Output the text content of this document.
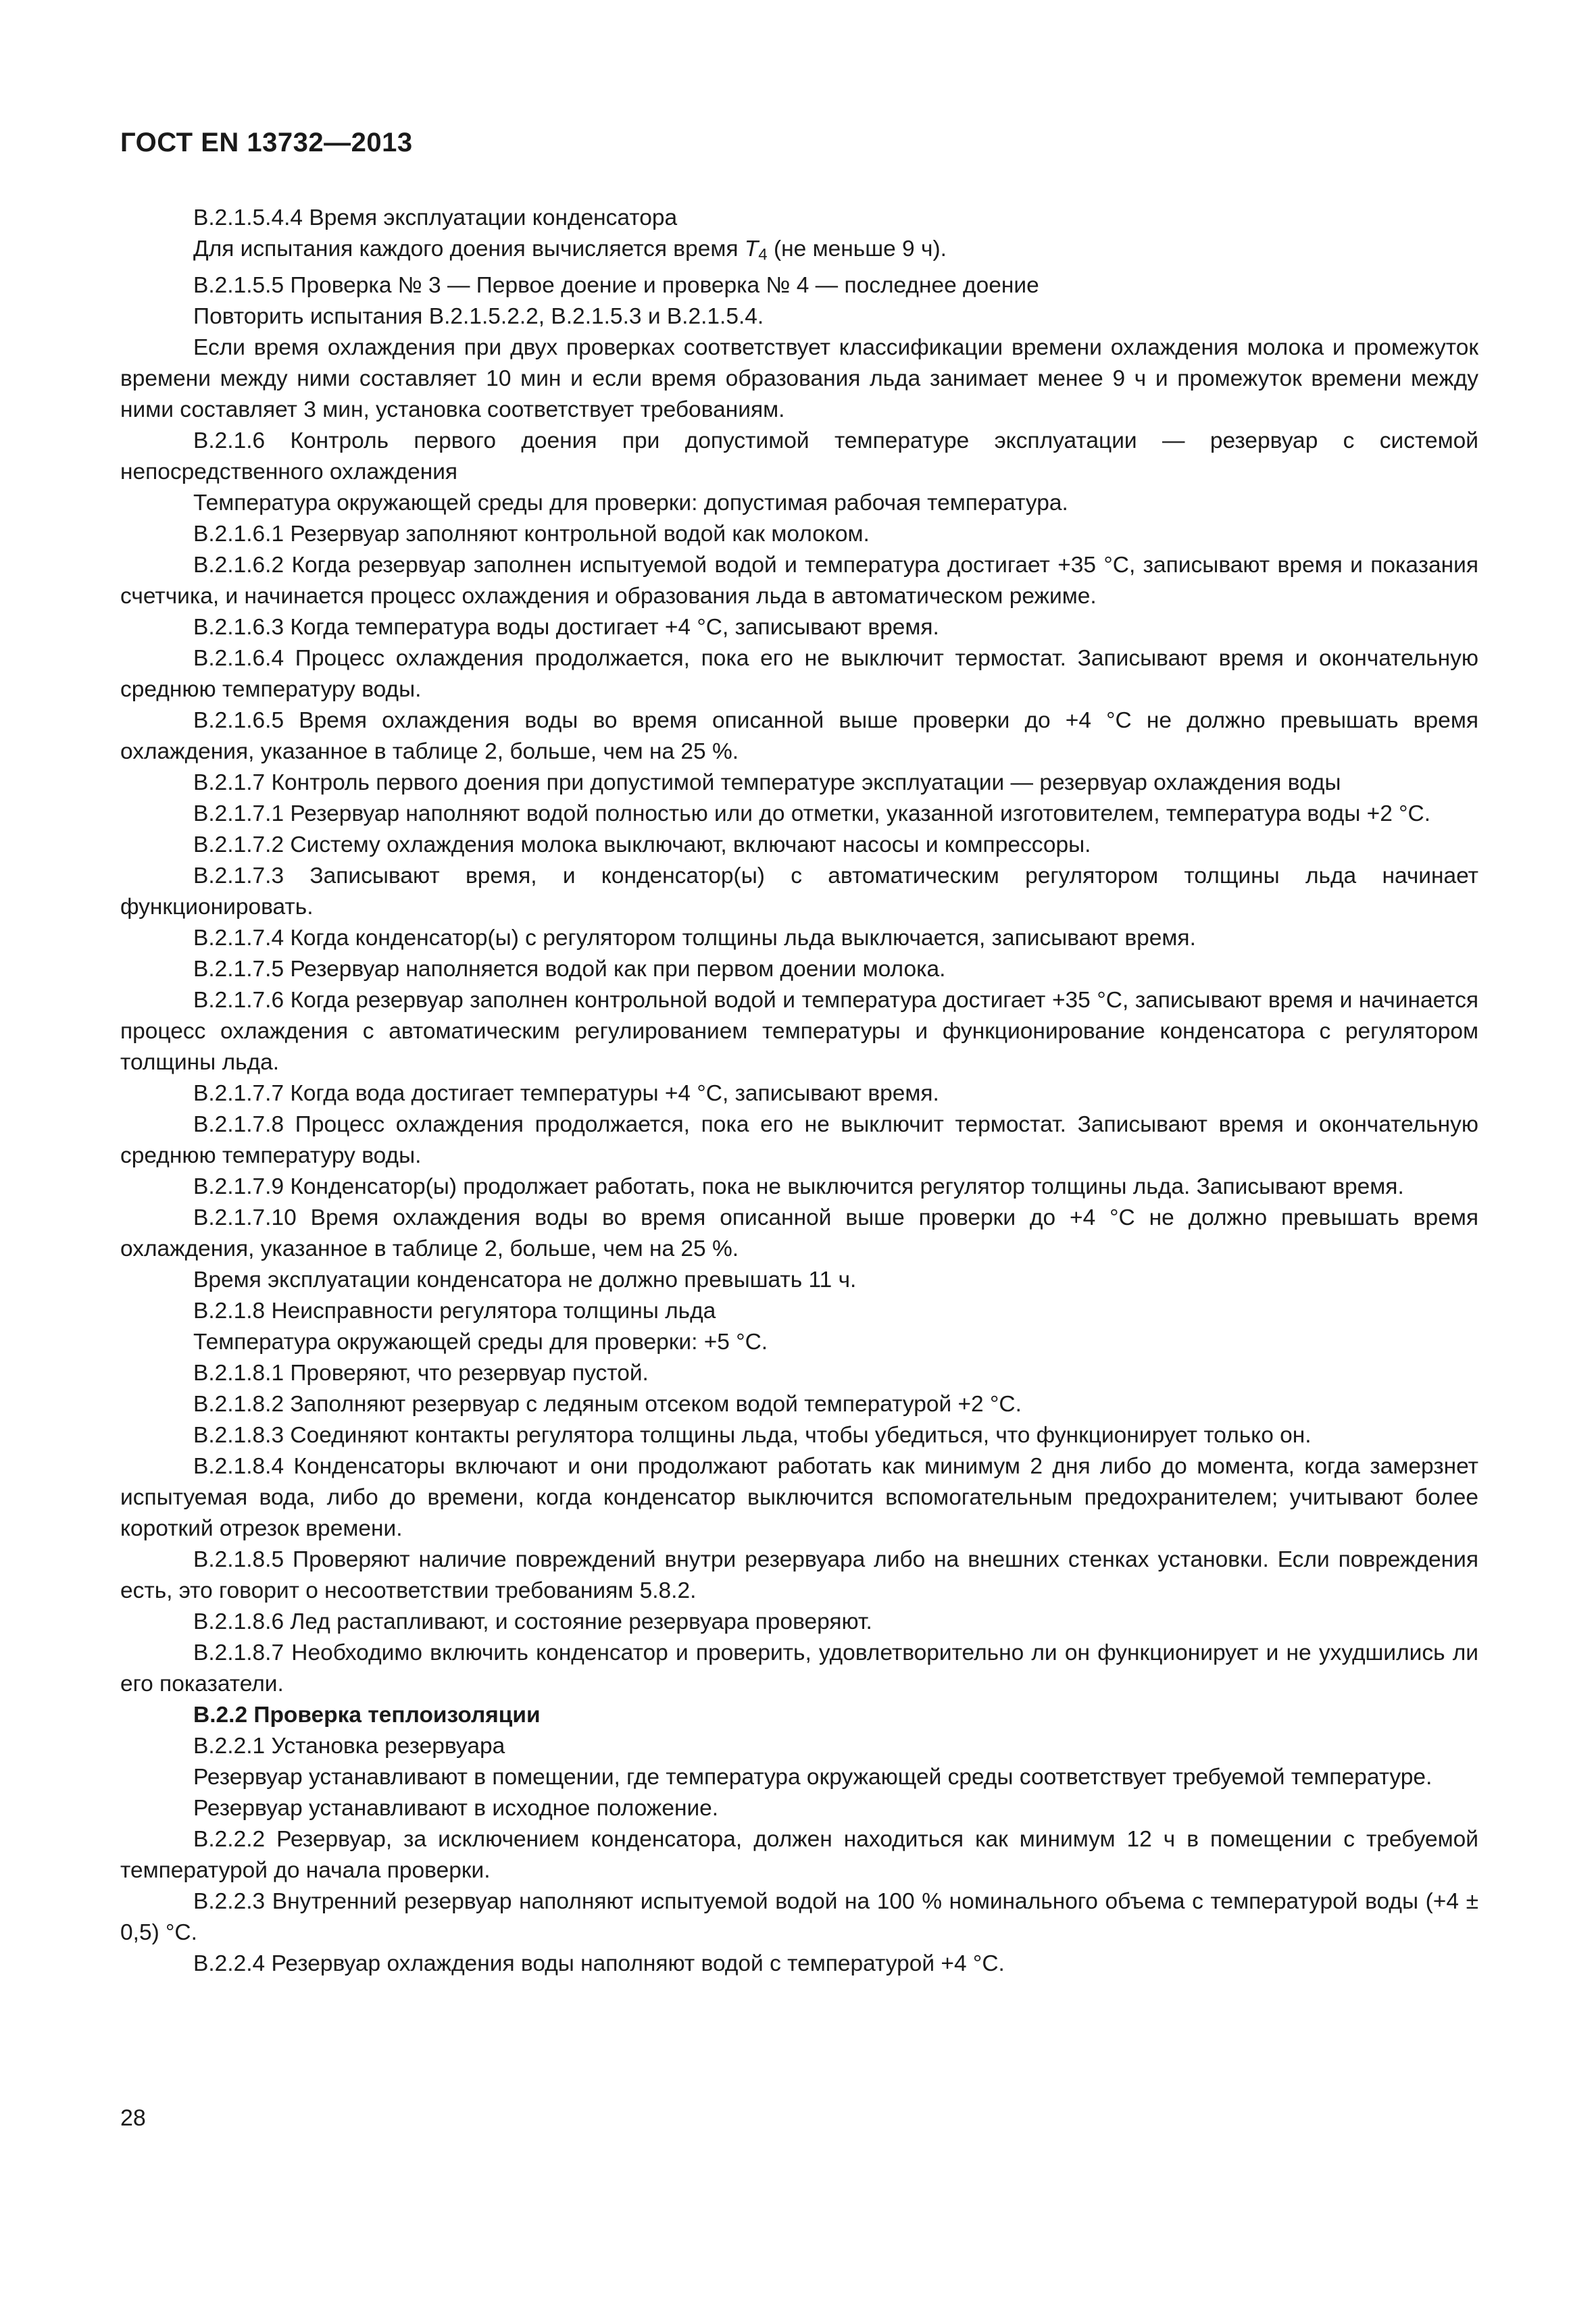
ГОСТ EN 13732—2013

В.2.1.5.4.4 Время эксплуатации конденсатора

Для испытания каждого доения вычисляется время $T_4$ (не меньше 9 ч).

В.2.1.5.5 Проверка № 3 — Первое доение и проверка № 4 — последнее доение

Повторить испытания В.2.1.5.2.2, В.2.1.5.3 и В.2.1.5.4.

Если время охлаждения при двух проверках соответствует классификации времени охлаждения молока и промежуток времени между ними составляет 10 мин и если время образования льда занимает менее 9 ч и промежуток времени между ними составляет 3 мин, установка соответствует требованиям.

В.2.1.6 Контроль первого доения при допустимой температуре эксплуатации — резервуар с системой непосредственного охлаждения

Температура окружающей среды для проверки: допустимая рабочая температура.

В.2.1.6.1 Резервуар заполняют контрольной водой как молоком.

В.2.1.6.2 Когда резервуар заполнен испытуемой водой и температура достигает +35 °С, записывают время и показания счетчика, и начинается процесс охлаждения и образования льда в автоматическом режиме.

В.2.1.6.3 Когда температура воды достигает +4 °С, записывают время.

В.2.1.6.4 Процесс охлаждения продолжается, пока его не выключит термостат. Записывают время и окончательную среднюю температуру воды.

В.2.1.6.5 Время охлаждения воды во время описанной выше проверки до +4 °С не должно превышать время охлаждения, указанное в таблице 2, больше, чем на 25 %.

В.2.1.7 Контроль первого доения при допустимой температуре эксплуатации — резервуар охлаждения воды

В.2.1.7.1 Резервуар наполняют водой полностью или до отметки, указанной изготовителем, температура воды +2 °С.

В.2.1.7.2 Систему охлаждения молока выключают, включают насосы и компрессоры.

В.2.1.7.3 Записывают время, и конденсатор(ы) с автоматическим регулятором толщины льда начинает функционировать.

В.2.1.7.4 Когда конденсатор(ы) с регулятором толщины льда выключается, записывают время.

В.2.1.7.5 Резервуар наполняется водой как при первом доении молока.

В.2.1.7.6 Когда резервуар заполнен контрольной водой и температура достигает +35 °С, записывают время и начинается процесс охлаждения с автоматическим регулированием температуры и функционирование конденсатора с регулятором толщины льда.

В.2.1.7.7 Когда вода достигает температуры +4 °С, записывают время.

В.2.1.7.8 Процесс охлаждения продолжается, пока его не выключит термостат. Записывают время и окончательную среднюю температуру воды.

В.2.1.7.9 Конденсатор(ы) продолжает работать, пока не выключится регулятор толщины льда. Записывают время.

В.2.1.7.10 Время охлаждения воды во время описанной выше проверки до +4 °С не должно превышать время охлаждения, указанное в таблице 2, больше, чем на 25 %.

Время эксплуатации конденсатора не должно превышать 11 ч.

В.2.1.8 Неисправности регулятора толщины льда

Температура окружающей среды для проверки: +5 °С.

В.2.1.8.1 Проверяют, что резервуар пустой.

В.2.1.8.2 Заполняют резервуар с ледяным отсеком водой температурой +2 °С.

В.2.1.8.3 Соединяют контакты регулятора толщины льда, чтобы убедиться, что функционирует только он.

В.2.1.8.4 Конденсаторы включают и они продолжают работать как минимум 2 дня либо до момента, когда замерзнет испытуемая вода, либо до времени, когда конденсатор выключится вспомогательным предохранителем; учитывают более короткий отрезок времени.

В.2.1.8.5 Проверяют наличие повреждений внутри резервуара либо на внешних стенках установки. Если повреждения есть, это говорит о несоответствии требованиям 5.8.2.

В.2.1.8.6 Лед растапливают, и состояние резервуара проверяют.

В.2.1.8.7 Необходимо включить конденсатор и проверить, удовлетворительно ли он функционирует и не ухудшились ли его показатели.

В.2.2 Проверка теплоизоляции

В.2.2.1 Установка резервуара

Резервуар устанавливают в помещении, где температура окружающей среды соответствует требуемой температуре.

Резервуар устанавливают в исходное положение.

В.2.2.2 Резервуар, за исключением конденсатора, должен находиться как минимум 12 ч в помещении с требуемой температурой до начала проверки.

В.2.2.3 Внутренний резервуар наполняют испытуемой водой на 100 % номинального объема с температурой воды (+4 ± 0,5) °С.

В.2.2.4 Резервуар охлаждения воды наполняют водой с температурой +4 °С.

28
